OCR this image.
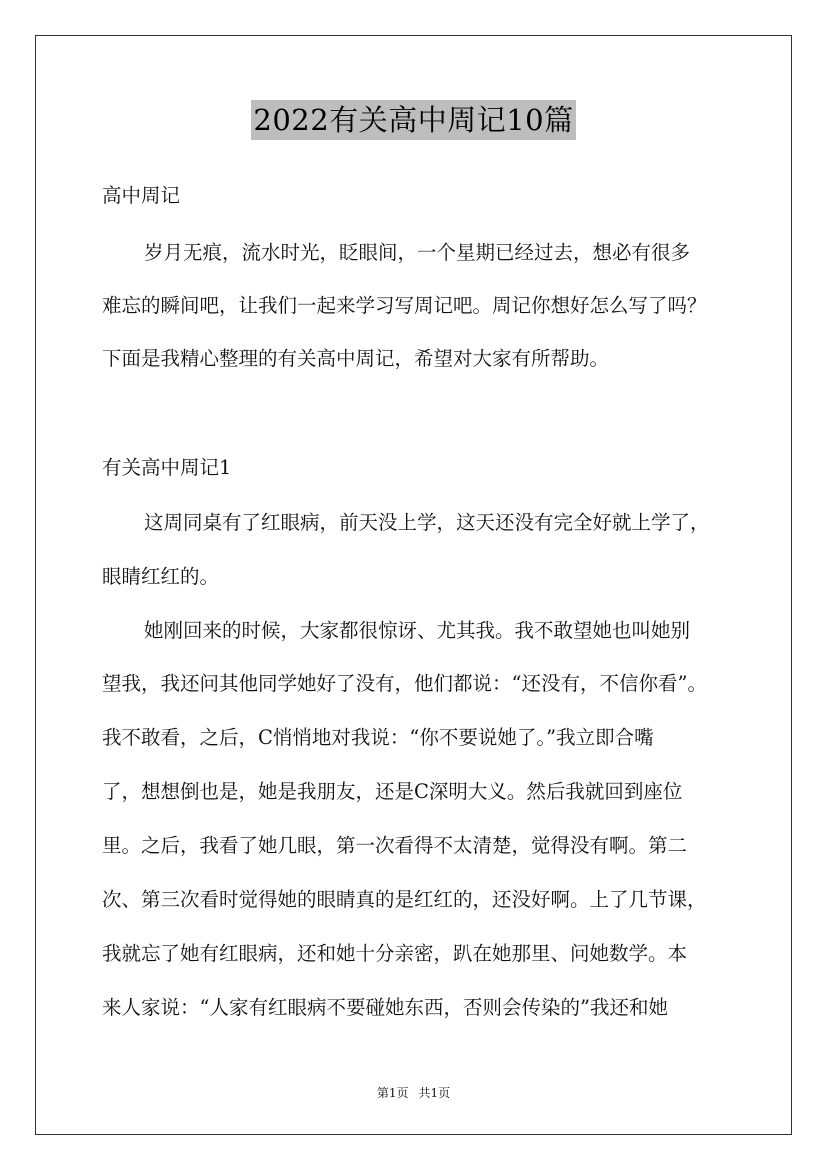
2022有关高中周记10篇
高中周记
岁月无痕，流水时光，眨眼间，一个星期已经过去，想必有很多
难忘的瞬间吧，让我们一起来学习写周记吧。周记你想好怎么写了吗？
下面是我精心整理的有关高中周记，希望对大家有所帮助。
有关高中周记1
这周同桌有了红眼病，前天没上学，这天还没有完全好就上学了，
眼睛红红的。
她刚回来的时候，大家都很惊讶、尤其我。我不敢望她也叫她别
望我，我还问其他同学她好了没有，他们都说：“还没有，不信你看”。
我不敢看，之后，C悄悄地对我说：“你不要说她了。”我立即合嘴
了，想想倒也是，她是我朋友，还是C深明大义。然后我就回到座位
里。之后，我看了她几眼，第一次看得不太清楚，觉得没有啊。第二
次、第三次看时觉得她的眼睛真的是红红的，还没好啊。上了几节课，
我就忘了她有红眼病，还和她十分亲密，趴在她那里、问她数学。本
来人家说：“人家有红眼病不要碰她东西，否则会传染的”我还和她
第1页 共1页
